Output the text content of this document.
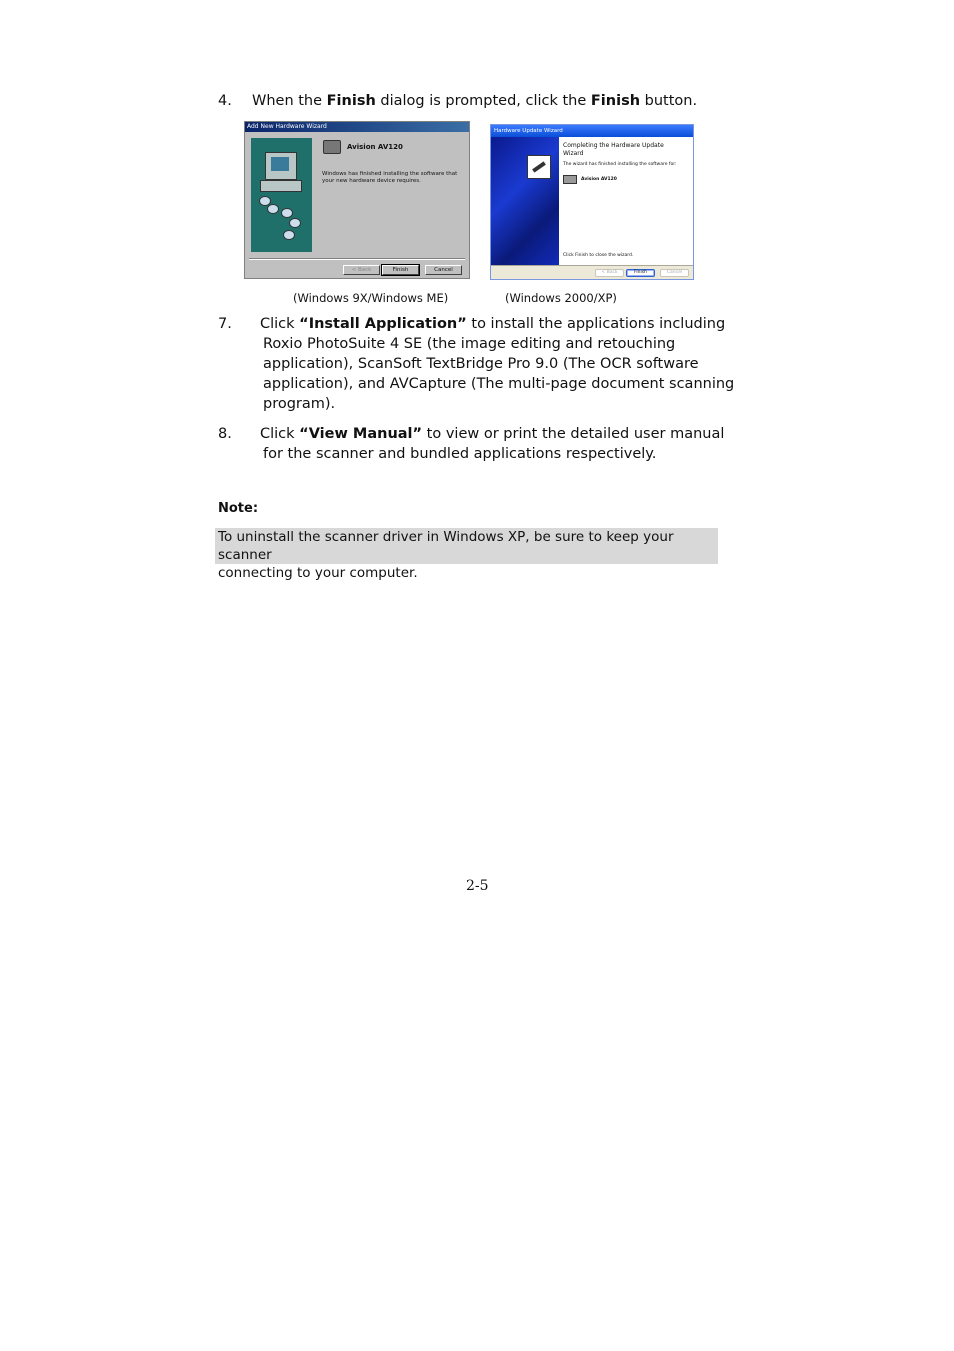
4. When the Finish dialog is prompted, click the Finish button.
Add New Hardware Wizard
Avision AV120
Windows has finished installing the software that your new hardware device requires.
< Back	Finish	Cancel
Hardware Update Wizard
Completing the Hardware Update Wizard
The wizard has finished installing the software for:
Avision AV120
Click Finish to close the wizard.
< Back	Finish	Cancel
(Windows 9X/Windows ME)	(Windows 2000/XP)
7. Click “Install Application” to install the applications including
Roxio PhotoSuite 4 SE (the image editing and retouching
application), ScanSoft TextBridge Pro 9.0 (The OCR software
application), and AVCapture (The multi-page document scanning
program).
8. Click “View Manual” to view or print the detailed user manual
for the scanner and bundled applications respectively.
Note:
To uninstall the scanner driver in Windows XP, be sure to keep your scanner
connecting to your computer.
2-5
